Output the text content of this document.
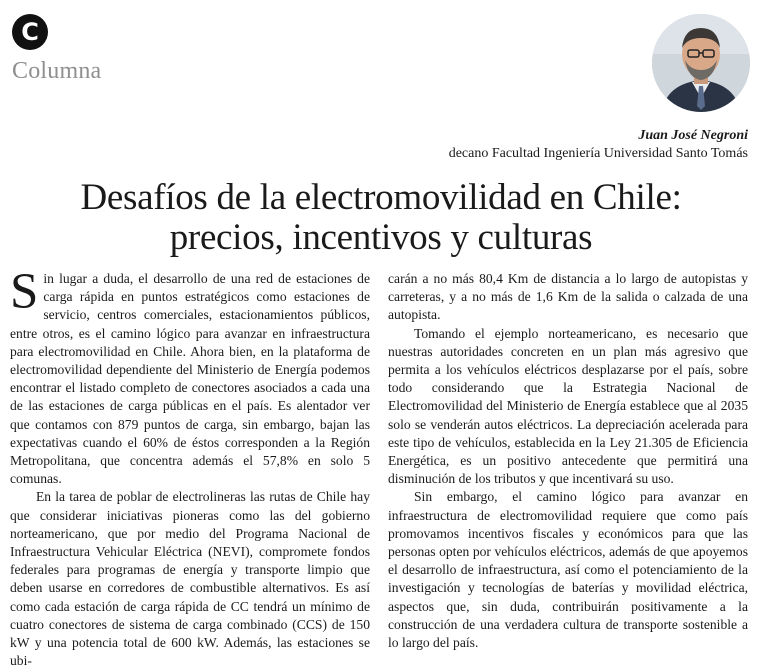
C
Columna
Juan José Negroni
decano Facultad Ingeniería Universidad Santo Tomás
Desafíos de la electromovilidad en Chile:
precios, incentivos y culturas

Sin lugar a duda, el desarrollo de una red de estaciones de carga rápida en puntos estratégicos como estaciones de servicio, centros comerciales, estacionamientos públicos, entre otros, es el camino lógico para avanzar en infraestructura para electromovilidad en Chile. Ahora bien, en la plataforma de electromovilidad dependiente del Ministerio de Energía podemos encontrar el listado completo de conectores asociados a cada una de las estaciones de carga públicas en el país. Es alentador ver que contamos con 879 puntos de carga, sin embargo, bajan las expectativas cuando el 60% de éstos corresponden a la Región Metropolitana, que concentra además el 57,8% en solo 5 comunas.

En la tarea de poblar de electrolineras las rutas de Chile hay que considerar iniciativas pioneras como las del gobierno norteamericano, que por medio del Programa Nacional de Infraestructura Vehicular Eléctrica (NEVI), compromete fondos federales para programas de energía y transporte limpio que deben usarse en corredores de combustible alternativos. Es así como cada estación de carga rápida de CC tendrá un mínimo de cuatro conectores de sistema de carga combinado (CCS) de 150 kW y una potencia total de 600 kW. Además, las estaciones se ubi-

carán a no más 80,4 Km de distancia a lo largo de autopistas y carreteras, y a no más de 1,6 Km de la salida o calzada de una autopista.

Tomando el ejemplo norteamericano, es necesario que nuestras autoridades concreten en un plan más agresivo que permita a los vehículos eléctricos desplazarse por el país, sobre todo considerando que la Estrategia Nacional de Electromovilidad del Ministerio de Energía establece que al 2035 solo se venderán autos eléctricos. La depreciación acelerada para este tipo de vehículos, establecida en la Ley 21.305 de Eficiencia Energética, es un positivo antecedente que permitirá una disminución de los tributos y que incentivará su uso.

Sin embargo, el camino lógico para avanzar en infraestructura de electromovilidad requiere que como país promovamos incentivos fiscales y económicos para que las personas opten por vehículos eléctricos, además de que apoyemos el desarrollo de infraestructura, así como el potenciamiento de la investigación y tecnologías de baterías y movilidad eléctrica, aspectos que, sin duda, contribuirán positivamente a la construcción de una verdadera cultura de transporte sostenible a lo largo del país.
